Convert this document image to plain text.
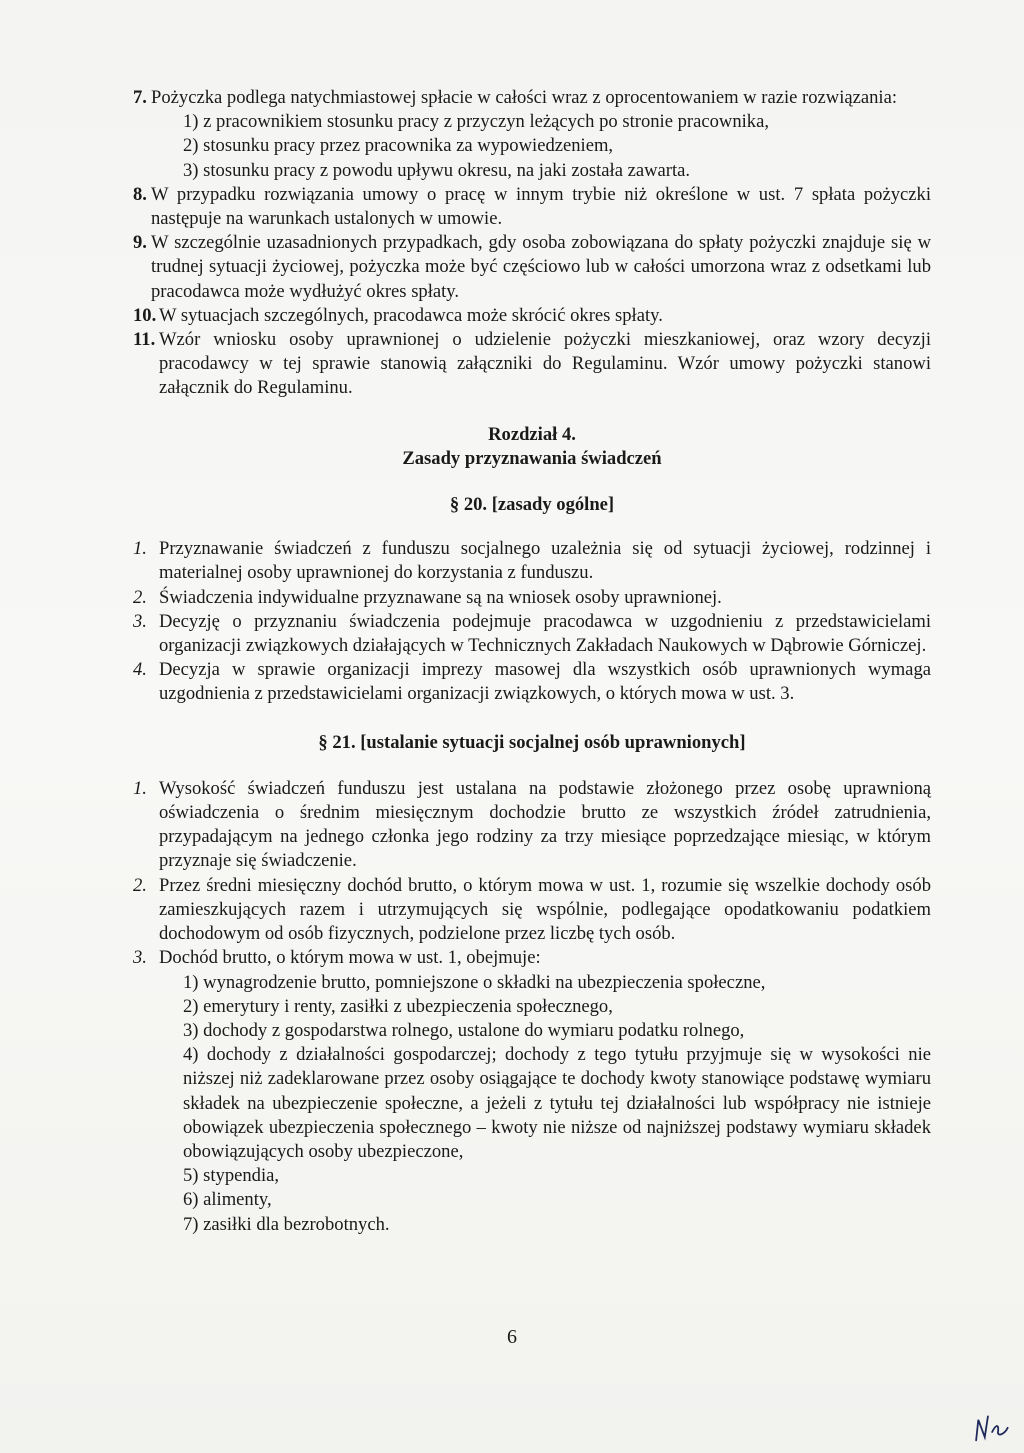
7. Pożyczka podlega natychmiastowej spłacie w całości wraz z oprocentowaniem w razie rozwiązania:
1) z pracownikiem stosunku pracy z przyczyn leżących po stronie pracownika,
2) stosunku pracy przez pracownika za wypowiedzeniem,
3) stosunku pracy z powodu upływu okresu, na jaki została zawarta.
8. W przypadku rozwiązania umowy o pracę w innym trybie niż określone w ust. 7 spłata pożyczki następuje na warunkach ustalonych w umowie.
9. W szczególnie uzasadnionych przypadkach, gdy osoba zobowiązana do spłaty pożyczki znajduje się w trudnej sytuacji życiowej, pożyczka może być częściowo lub w całości umorzona wraz z odsetkami lub pracodawca może wydłużyć okres spłaty.
10. W sytuacjach szczególnych, pracodawca może skrócić okres spłaty.
11. Wzór wniosku osoby uprawnionej o udzielenie pożyczki mieszkaniowej, oraz wzory decyzji pracodawcy w tej sprawie stanowią załączniki do Regulaminu. Wzór umowy pożyczki stanowi załącznik do Regulaminu.
Rozdział 4.
Zasady przyznawania świadczeń
§ 20. [zasady ogólne]
1. Przyznawanie świadczeń z funduszu socjalnego uzależnia się od sytuacji życiowej, rodzinnej i materialnej osoby uprawnionej do korzystania z funduszu.
2. Świadczenia indywidualne przyznawane są na wniosek osoby uprawnionej.
3. Decyzję o przyznaniu świadczenia podejmuje pracodawca w uzgodnieniu z przedstawicielami organizacji związkowych działających w Technicznych Zakładach Naukowych w Dąbrowie Górniczej.
4. Decyzja w sprawie organizacji imprezy masowej dla wszystkich osób uprawnionych wymaga uzgodnienia z przedstawicielami organizacji związkowych, o których mowa w ust. 3.
§ 21. [ustalanie sytuacji socjalnej osób uprawnionych]
1. Wysokość świadczeń funduszu jest ustalana na podstawie złożonego przez osobę uprawnioną oświadczenia o średnim miesięcznym dochodzie brutto ze wszystkich źródeł zatrudnienia, przypadającym na jednego członka jego rodziny za trzy miesiące poprzedzające miesiąc, w którym przyznaje się świadczenie.
2. Przez średni miesięczny dochód brutto, o którym mowa w ust. 1, rozumie się wszelkie dochody osób zamieszkujących razem i utrzymujących się wspólnie, podlegające opodatkowaniu podatkiem dochodowym od osób fizycznych, podzielone przez liczbę tych osób.
3. Dochód brutto, o którym mowa w ust. 1, obejmuje:
1) wynagrodzenie brutto, pomniejszone o składki na ubezpieczenia społeczne,
2) emerytury i renty, zasiłki z ubezpieczenia społecznego,
3) dochody z gospodarstwa rolnego, ustalone do wymiaru podatku rolnego,
4) dochody z działalności gospodarczej; dochody z tego tytułu przyjmuje się w wysokości nie niższej niż zadeklarowane przez osoby osiągające te dochody kwoty stanowiące podstawę wymiaru składek na ubezpieczenie społeczne, a jeżeli z tytułu tej działalności lub współpracy nie istnieje obowiązek ubezpieczenia społecznego – kwoty nie niższe od najniższej podstawy wymiaru składek obowiązujących osoby ubezpieczone,
5) stypendia,
6) alimenty,
7) zasiłki dla bezrobotnych.
6
